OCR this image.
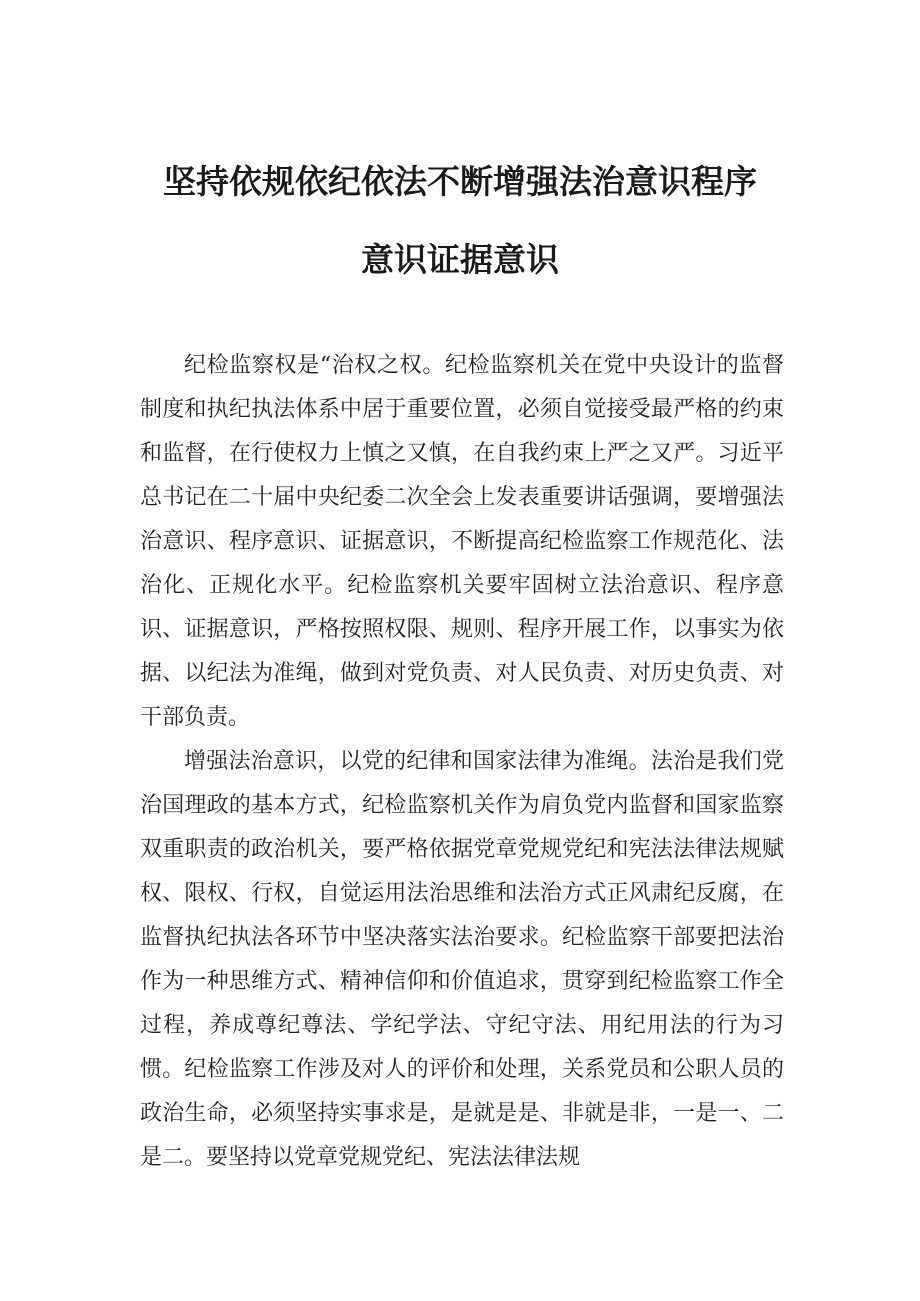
坚持依规依纪依法不断增强法治意识程序
意识证据意识

纪检监察权是“治权之权。纪检监察机关在党中央设计的监督制度和执纪执法体系中居于重要位置，必须自觉接受最严格的约束和监督，在行使权力上慎之又慎，在自我约束上严之又严。习近平总书记在二十届中央纪委二次全会上发表重要讲话强调，要增强法治意识、程序意识、证据意识，不断提高纪检监察工作规范化、法治化、正规化水平。纪检监察机关要牢固树立法治意识、程序意识、证据意识，严格按照权限、规则、程序开展工作，以事实为依据、以纪法为准绳，做到对党负责、对人民负责、对历史负责、对干部负责。

增强法治意识，以党的纪律和国家法律为准绳。法治是我们党治国理政的基本方式，纪检监察机关作为肩负党内监督和国家监察双重职责的政治机关，要严格依据党章党规党纪和宪法法律法规赋权、限权、行权，自觉运用法治思维和法治方式正风肃纪反腐，在监督执纪执法各环节中坚决落实法治要求。纪检监察干部要把法治作为一种思维方式、精神信仰和价值追求，贯穿到纪检监察工作全过程，养成尊纪尊法、学纪学法、守纪守法、用纪用法的行为习惯。纪检监察工作涉及对人的评价和处理，关系党员和公职人员的政治生命，必须坚持实事求是，是就是是、非就是非，一是一、二是二。要坚持以党章党规党纪、宪法法律法规
